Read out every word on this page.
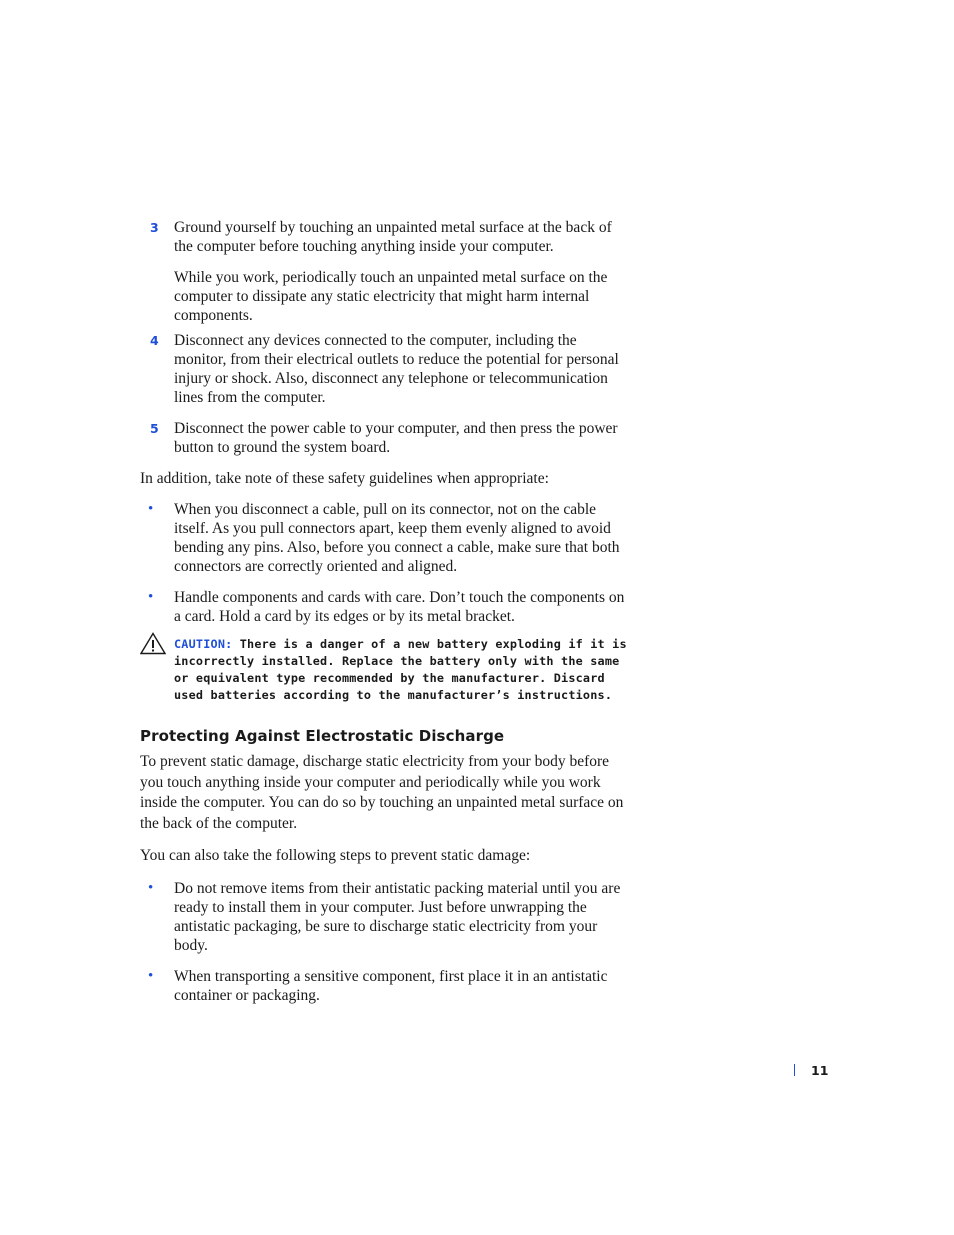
3 Ground yourself by touching an unpainted metal surface at the back of the computer before touching anything inside your computer.

While you work, periodically touch an unpainted metal surface on the computer to dissipate any static electricity that might harm internal components.

4 Disconnect any devices connected to the computer, including the monitor, from their electrical outlets to reduce the potential for personal injury or shock. Also, disconnect any telephone or telecommunication lines from the computer.

5 Disconnect the power cable to your computer, and then press the power button to ground the system board.

In addition, take note of these safety guidelines when appropriate:

• When you disconnect a cable, pull on its connector, not on the cable itself. As you pull connectors apart, keep them evenly aligned to avoid bending any pins. Also, before you connect a cable, make sure that both connectors are correctly oriented and aligned.

• Handle components and cards with care. Don’t touch the components on a card. Hold a card by its edges or by its metal bracket.

CAUTION: There is a danger of a new battery exploding if it is incorrectly installed. Replace the battery only with the same or equivalent type recommended by the manufacturer. Discard used batteries according to the manufacturer’s instructions.
Protecting Against Electrostatic Discharge

To prevent static damage, discharge static electricity from your body before you touch anything inside your computer and periodically while you work inside the computer. You can do so by touching an unpainted metal surface on the back of the computer.

You can also take the following steps to prevent static damage:

• Do not remove items from their antistatic packing material until you are ready to install them in your computer. Just before unwrapping the antistatic packaging, be sure to discharge static electricity from your body.

• When transporting a sensitive component, first place it in an antistatic container or packaging.

11
